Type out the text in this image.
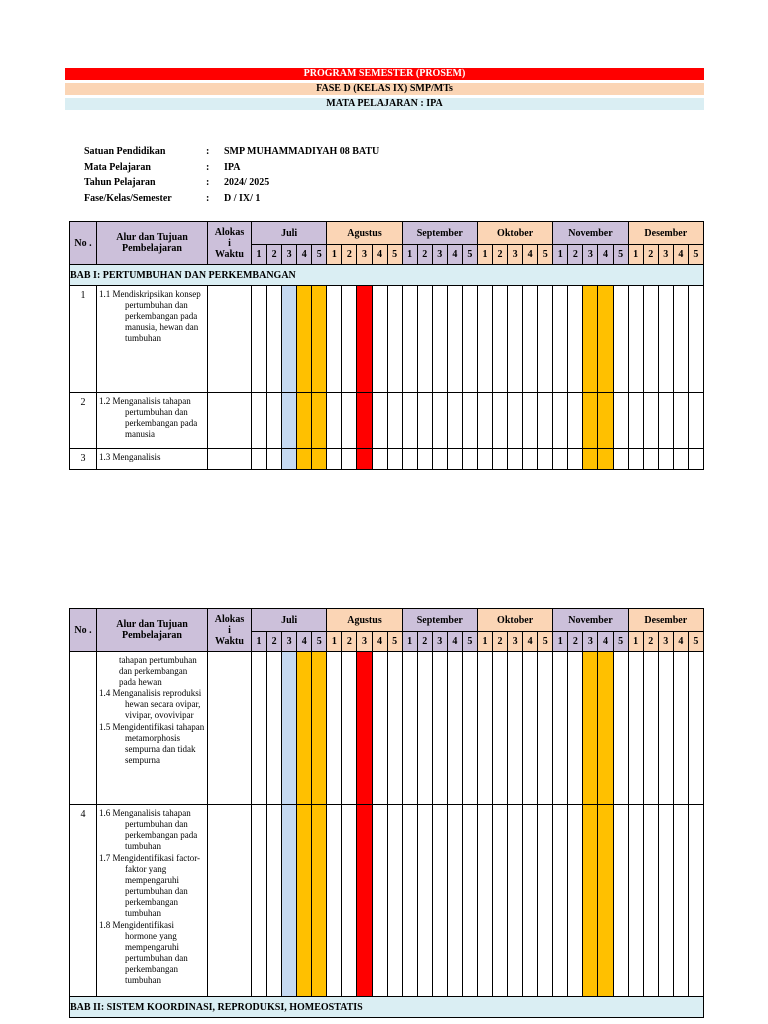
PROGRAM SEMESTER (PROSEM)
FASE D (KELAS IX) SMP/MTs
MATA PELAJARAN : IPA
Satuan Pendidikan	:	SMP MUHAMMADIYAH 08 BATU
Mata Pelajaran	:	IPA
Tahun Pelajaran	:	2024/ 2025
Fase/Kelas/Semester	:	D / IX/ 1
No .	Alur dan Tujuan Pembelajaran	Alokas
i
Waktu	Juli					Agustus					September					Oktober					November					Desember				
			1	2	3	4	5	1	2	3	4	5	1	2	3	4	5	1	2	3	4	5	1	2	3	4	5	1	2	3	4	5
BAB I: PERTUMBUHAN DAN PERKEMBANGAN																																
1	1.1 Mendiskripsikan konsep pertumbuhan dan perkembangan pada manusia, hewan dan tumbuhan																															

2	1.2 Menganalisis tahapan pertumbuhan dan perkembangan pada manusia																															

3	1.3 Menganalisis																															

No .	Alur dan Tujuan Pembelajaran	Alokas
i
Waktu	Juli					Agustus					September					Oktober					November					Desember				
			1	2	3	4	5	1	2	3	4	5	1	2	3	4	5	1	2	3	4	5	1	2	3	4	5	1	2	3	4	5

	tahapan pertumbuhan dan perkembangan pada hewan
1.4 Menganalisis reproduksi hewan secara ovipar, vivipar, ovovivipar
1.5 Mengidentifikasi tahapan metamorphosis sempurna dan tidak sempurna																															

4	1.6 Menganalisis tahapan pertumbuhan dan perkembangan pada tumbuhan
1.7 Mengidentifikasi factor-faktor yang mempengaruhi pertumbuhan dan perkembangan tumbuhan
1.8 Mengidentifikasi hormone yang mempengaruhi pertumbuhan dan perkembangan tumbuhan																															

BAB II: SISTEM KOORDINASI, REPRODUKSI, HOMEOSTATIS																																
